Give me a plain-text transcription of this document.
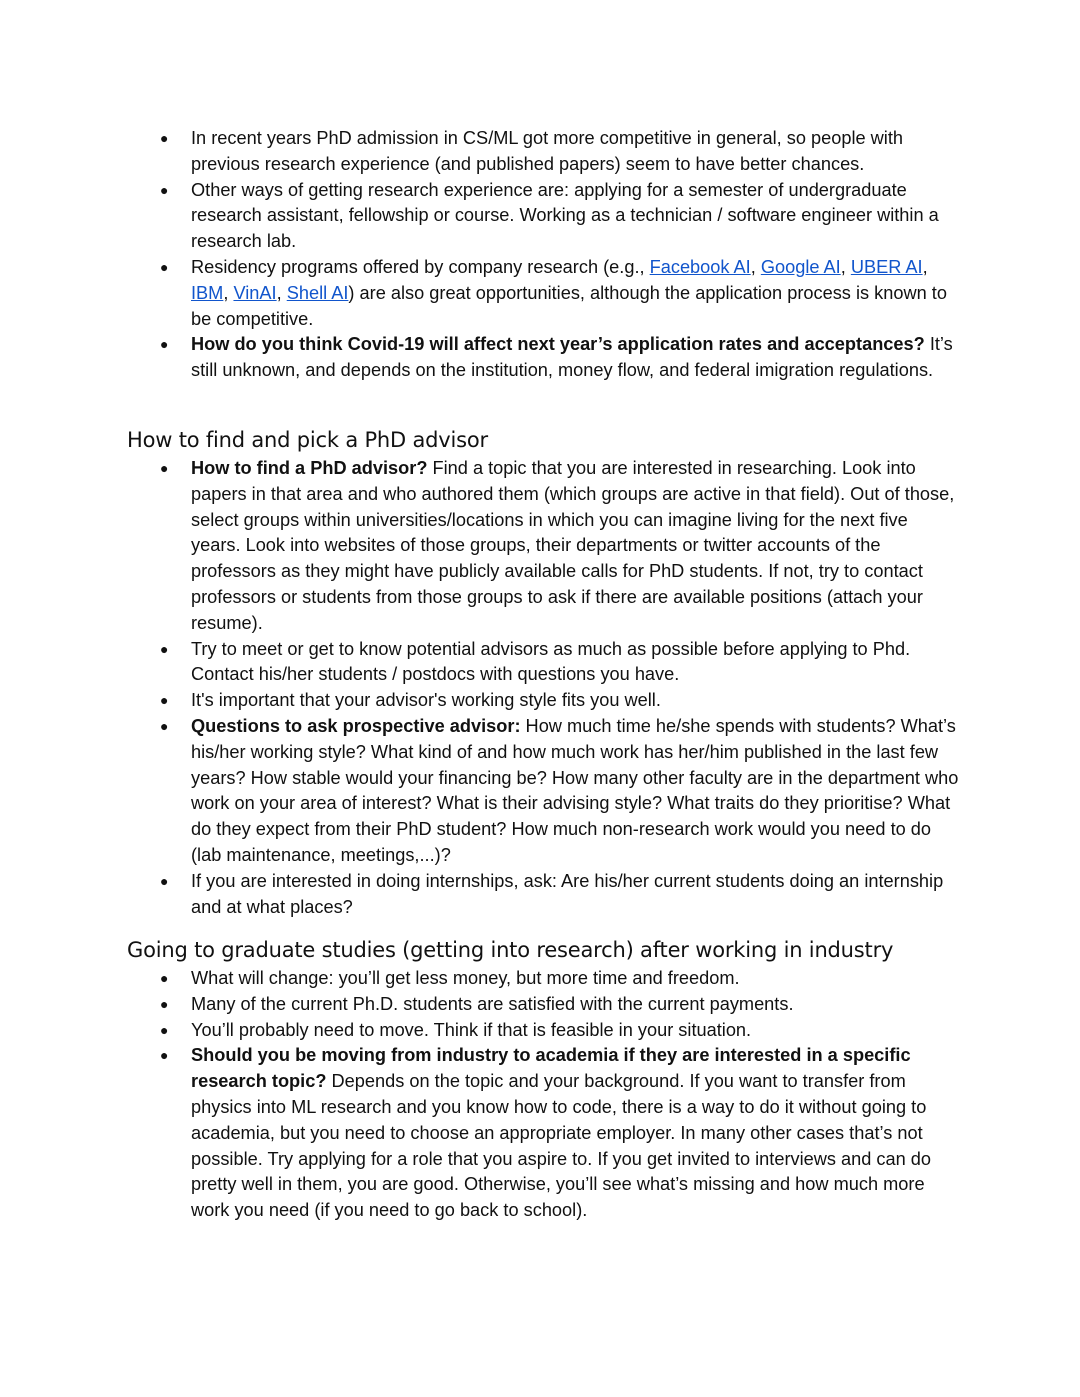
● In recent years PhD admission in CS/ML got more competitive in general, so people with previous research experience (and published papers) seem to have better chances.
● Other ways of getting research experience are: applying for a semester of undergraduate research assistant, fellowship or course. Working as a technician / software engineer within a research lab.
● Residency programs offered by company research (e.g., Facebook AI, Google AI, UBER AI, IBM, VinAI, Shell AI) are also great opportunities, although the application process is known to be competitive.
● How do you think Covid-19 will affect next year’s application rates and acceptances? It’s still unknown, and depends on the institution, money flow, and federal imigration regulations.
How to find and pick a PhD advisor
● How to find a PhD advisor? Find a topic that you are interested in researching. Look into papers in that area and who authored them (which groups are active in that field). Out of those, select groups within universities/locations in which you can imagine living for the next five years. Look into websites of those groups, their departments or twitter accounts of the professors as they might have publicly available calls for PhD students. If not, try to contact professors or students from those groups to ask if there are available positions (attach your resume).
● Try to meet or get to know potential advisors as much as possible before applying to Phd. Contact his/her students / postdocs with questions you have.
● It's important that your advisor's working style fits you well.
● Questions to ask prospective advisor: How much time he/she spends with students? What’s his/her working style? What kind of and how much work has her/him published in the last few years? How stable would your financing be? How many other faculty are in the department who work on your area of interest? What is their advising style? What traits do they prioritise? What do they expect from their PhD student? How much non-research work would you need to do (lab maintenance, meetings,...)?
● If you are interested in doing internships, ask: Are his/her current students doing an internship and at what places?
Going to graduate studies (getting into research) after working in industry
● What will change: you’ll get less money, but more time and freedom.
● Many of the current Ph.D. students are satisfied with the current payments.
● You’ll probably need to move. Think if that is feasible in your situation.
● Should you be moving from industry to academia if they are interested in a specific research topic? Depends on the topic and your background. If you want to transfer from physics into ML research and you know how to code, there is a way to do it without going to academia, but you need to choose an appropriate employer. In many other cases that’s not possible. Try applying for a role that you aspire to. If you get invited to interviews and can do pretty well in them, you are good. Otherwise, you’ll see what’s missing and how much more work you need (if you need to go back to school).
